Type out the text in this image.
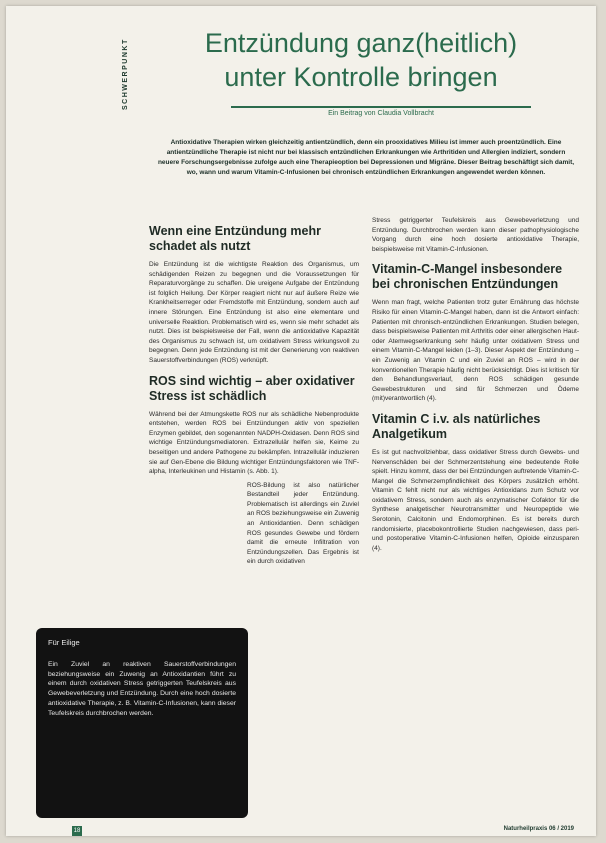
SCHWERPUNKT	Entzündung ganz(heitlich)
unter Kontrolle bringen
Ein Beitrag von Claudia Vollbracht

Antioxidative Therapien wirken gleichzeitig antientzündlich, denn ein prooxidatives Milieu ist immer auch proentzündlich. Eine antientzündliche Therapie ist nicht nur bei klassisch entzündlichen Erkrankungen wie Arthritiden und Allergien indiziert, sondern neuere Forschungsergebnisse zufolge auch eine Therapieoption bei Depressionen und Migräne. Dieser Beitrag beschäftigt sich damit, wo, wann und warum Vitamin-C-Infusionen bei chronisch entzündlichen Erkrankungen angewendet werden können.

Wenn eine Entzündung mehr schadet als nutzt

Die Entzündung ist die wichtigste Reaktion des Organismus, um schädigenden Reizen zu begegnen und die Voraussetzungen für Reparaturvorgänge zu schaffen. Die ureigene Aufgabe der Entzündung ist folglich Heilung. Der Körper reagiert nicht nur auf äußere Reize wie Krankheitserreger oder Fremdstoffe mit Entzündung, sondern auch auf innere Störungen. Eine Entzündung ist also eine elementare und universelle Reaktion. Problematisch wird es, wenn sie mehr schadet als nutzt. Dies ist beispielsweise der Fall, wenn die antioxidative Kapazität des Organismus zu schwach ist, um oxidativem Stress wirkungsvoll zu begegnen. Denn jede Entzündung ist mit der Generierung von reaktiven Sauerstoffverbindungen (ROS) verknüpft.

ROS sind wichtig – aber oxidativer Stress ist schädlich

Während bei der Atmungskette ROS nur als schädliche Nebenprodukte entstehen, werden ROS bei Entzündungen aktiv von speziellen Enzymen gebildet, den sogenannten NADPH-Oxidasen. Denn ROS sind wichtige Entzündungsmediatoren. Extrazellulär helfen sie, Keime zu beseitigen und andere Pathogene zu bekämpfen. Intrazellulär induzieren sie auf Gen-Ebene die Bildung wichtiger Entzündungsfaktoren wie TNF-alpha, Interleukinen und Histamin (s. Abb. 1).

ROS-Bildung ist also natürlicher Bestandteil jeder Entzündung. Problematisch ist allerdings ein Zuviel an ROS beziehungsweise ein Zuwenig an Antioxidantien. Denn schädigen ROS gesundes Gewebe und fördern damit die erneute Infiltration von Entzündungszellen. Das Ergebnis ist ein durch oxidativen

Stress getriggerter Teufelskreis aus Gewebeverletzung und Entzündung. Durchbrochen werden kann dieser pathophysiologische Vorgang durch eine hoch dosierte antioxidative Therapie, beispielsweise mit Vitamin-C-Infusionen.

Vitamin-C-Mangel insbesondere bei chronischen Entzündungen

Wenn man fragt, welche Patienten trotz guter Ernährung das höchste Risiko für einen Vitamin-C-Mangel haben, dann ist die Antwort einfach: Patienten mit chronisch-entzündlichen Erkrankungen. Studien belegen, dass beispielsweise Patienten mit Arthritis oder einer allergischen Haut- oder Atemwegserkrankung sehr häufig unter oxidativem Stress und einem Vitamin-C-Mangel leiden (1–3). Dieser Aspekt der Entzündung – ein Zuwenig an Vitamin C und ein Zuviel an ROS – wird in der konventionellen Therapie häufig nicht berücksichtigt. Dies ist kritisch für den Behandlungsverlauf, denn ROS schädigen gesunde Gewebestrukturen und sind für Schmerzen und Ödeme (mit)verantwortlich (4).

Vitamin C i.v. als natürliches Analgetikum

Es ist gut nachvollziehbar, dass oxidativer Stress durch Gewebs- und Nervenschäden bei der Schmerzentstehung eine bedeutende Rolle spielt. Hinzu kommt, dass der bei Entzündungen auftretende Vitamin-C-Mangel die Schmerzempfindlichkeit des Körpers zusätzlich erhöht. Vitamin C fehlt nicht nur als wichtiges Antioxidans zum Schutz vor oxidativem Stress, sondern auch als enzymatischer Cofaktor für die Synthese analgetischer Neurotransmitter und Neuropeptide wie Serotonin, Calcitonin und Endomorphinen. Es ist bereits durch randomisierte, placebokontrollierte Studien nachgewiesen, dass peri- und postoperative Vitamin-C-Infusionen helfen, Opioide einzusparen (4).

Für Eilige
Ein Zuviel an reaktiven Sauerstoffverbindungen beziehungsweise ein Zuwenig an Antioxidantien führt zu einem durch oxidativen Stress getriggerten Teufelskreis aus Gewebeverletzung und Entzündung. Durch eine hoch dosierte antioxidative Therapie, z. B. Vitamin-C-Infusionen, kann dieser Teufelskreis durchbrochen werden.
18	Naturheilpraxis 06 / 2019
